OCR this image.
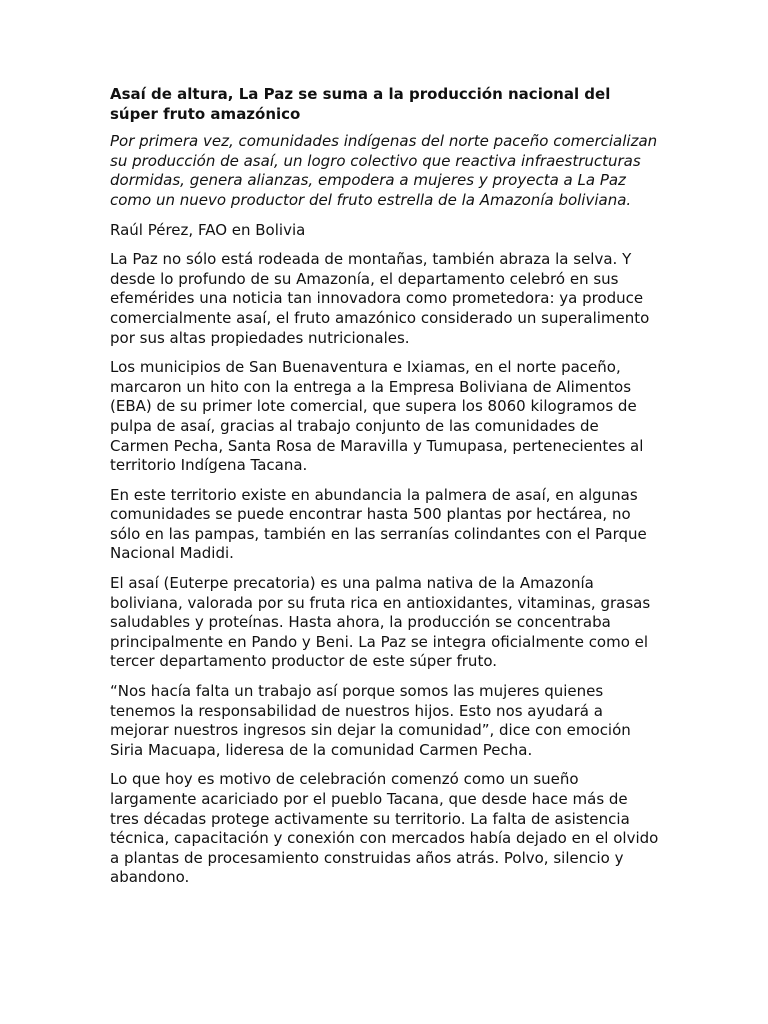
Asaí de altura, La Paz se suma a la producción nacional del súper fruto amazónico

Por primera vez, comunidades indígenas del norte paceño comercializan su producción de asaí, un logro colectivo que reactiva infraestructuras dormidas, genera alianzas, empodera a mujeres y proyecta a La Paz como un nuevo productor del fruto estrella de la Amazonía boliviana.

Raúl Pérez, FAO en Bolivia

La Paz no sólo está rodeada de montañas, también abraza la selva. Y desde lo profundo de su Amazonía, el departamento celebró en sus efemérides una noticia tan innovadora como prometedora: ya produce comercialmente asaí, el fruto amazónico considerado un superalimento por sus altas propiedades nutricionales.

Los municipios de San Buenaventura e Ixiamas, en el norte paceño, marcaron un hito con la entrega a la Empresa Boliviana de Alimentos (EBA) de su primer lote comercial, que supera los 8060 kilogramos de pulpa de asaí, gracias al trabajo conjunto de las comunidades de Carmen Pecha, Santa Rosa de Maravilla y Tumupasa, pertenecientes al territorio Indígena Tacana.

En este territorio existe en abundancia la palmera de asaí, en algunas comunidades se puede encontrar hasta 500 plantas por hectárea, no sólo en las pampas, también en las serranías colindantes con el Parque Nacional Madidi.

El asaí (Euterpe precatoria) es una palma nativa de la Amazonía boliviana, valorada por su fruta rica en antioxidantes, vitaminas, grasas saludables y proteínas. Hasta ahora, la producción se concentraba principalmente en Pando y Beni. La Paz se integra oficialmente como el tercer departamento productor de este súper fruto.

“Nos hacía falta un trabajo así porque somos las mujeres quienes tenemos la responsabilidad de nuestros hijos. Esto nos ayudará a mejorar nuestros ingresos sin dejar la comunidad”, dice con emoción Siria Macuapa, lideresa de la comunidad Carmen Pecha.

Lo que hoy es motivo de celebración comenzó como un sueño largamente acariciado por el pueblo Tacana, que desde hace más de tres décadas protege activamente su territorio. La falta de asistencia técnica, capacitación y conexión con mercados había dejado en el olvido a plantas de procesamiento construidas años atrás. Polvo, silencio y abandono.
